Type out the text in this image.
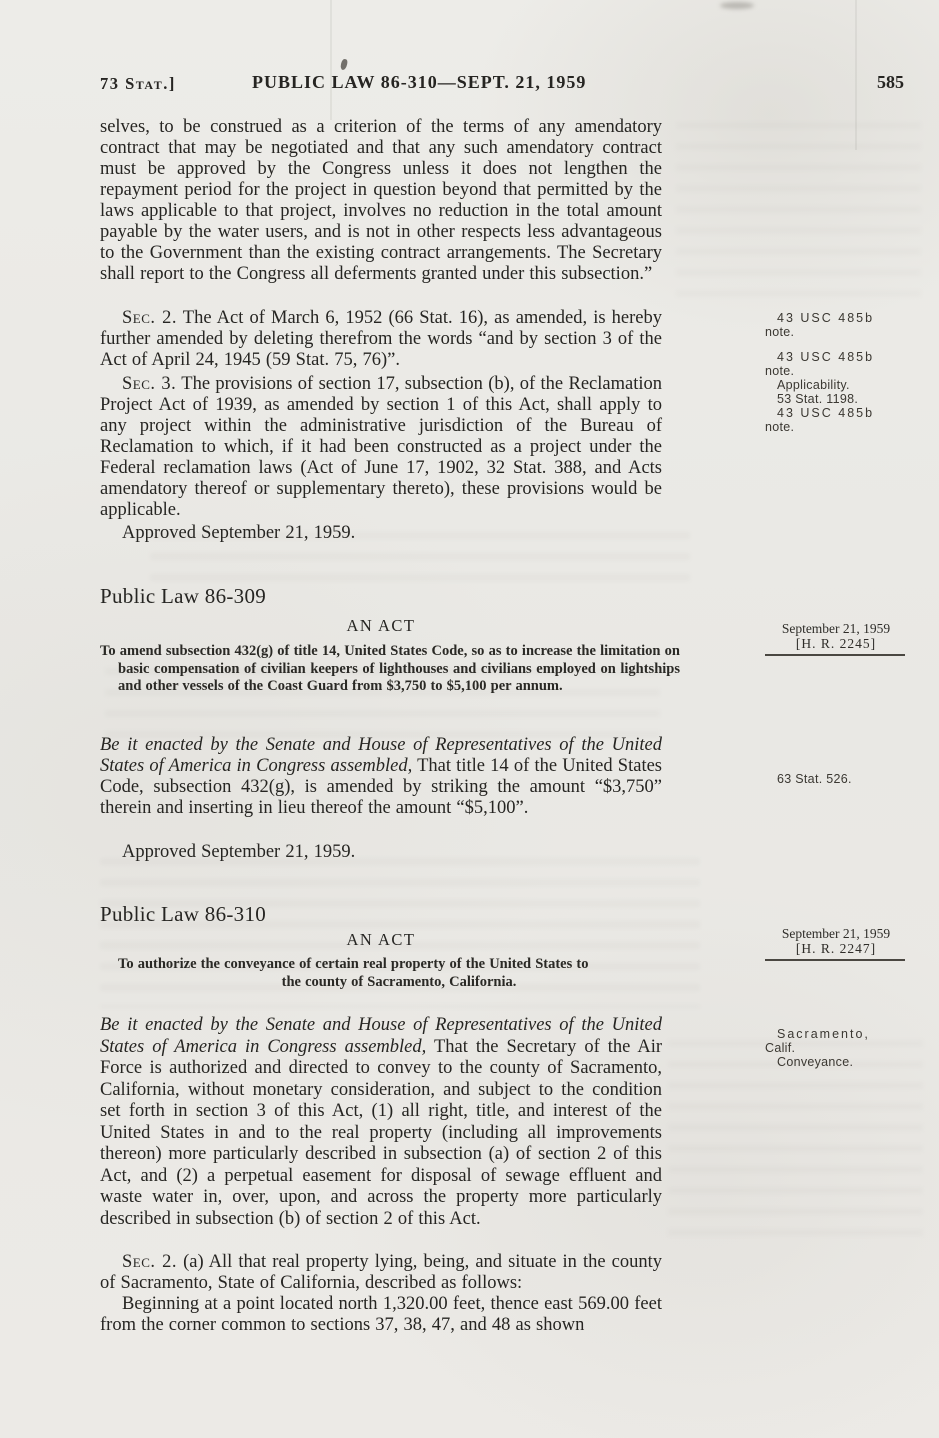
73 Stat.]	PUBLIC LAW 86-310—SEPT. 21, 1959	585

selves, to be construed as a criterion of the terms of any amendatory contract that may be negotiated and that any such amendatory contract must be approved by the Congress unless it does not lengthen the repayment period for the project in question beyond that permitted by the laws applicable to that project, involves no reduction in the total amount payable by the water users, and is not in other respects less advantageous to the Government than the existing contract arrangements. The Secretary shall report to the Congress all deferments granted under this subsection.”

Sec. 2. The Act of March 6, 1952 (66 Stat. 16), as amended, is hereby further amended by deleting therefrom the words “and by section 3 of the Act of April 24, 1945 (59 Stat. 75, 76)”.

Sec. 3. The provisions of section 17, subsection (b), of the Reclamation Project Act of 1939, as amended by section 1 of this Act, shall apply to any project within the administrative jurisdiction of the Bureau of Reclamation to which, if it had been constructed as a project under the Federal reclamation laws (Act of June 17, 1902, 32 Stat. 388, and Acts amendatory thereof or supplementary thereto), these provisions would be applicable.

Approved September 21, 1959.

Public Law 86-309
AN ACT

To amend subsection 432(g) of title 14, United States Code, so as to increase the limitation on basic compensation of civilian keepers of lighthouses and civilians employed on lightships and other vessels of the Coast Guard from $3,750 to $5,100 per annum.

Be it enacted by the Senate and House of Representatives of the United States of America in Congress assembled, That title 14 of the United States Code, subsection 432(g), is amended by striking the amount “$3,750” therein and inserting in lieu thereof the amount “$5,100”.

Approved September 21, 1959.

Public Law 86-310
AN ACT

To authorize the conveyance of certain real property of the United States to
the county of Sacramento, California.

Be it enacted by the Senate and House of Representatives of the United States of America in Congress assembled, That the Secretary of the Air Force is authorized and directed to convey to the county of Sacramento, California, without monetary consideration, and subject to the condition set forth in section 3 of this Act, (1) all right, title, and interest of the United States in and to the real property (including all improvements thereon) more particularly described in subsection (a) of section 2 of this Act, and (2) a perpetual easement for disposal of sewage effluent and waste water in, over, upon, and across the property more particularly described in subsection (b) of section 2 of this Act.

Sec. 2. (a) All that real property lying, being, and situate in the county of Sacramento, State of California, described as follows:

Beginning at a point located north 1,320.00 feet, thence east 569.00 feet from the corner common to sections 37, 38, 47, and 48 as shown

43 USC 485b
note.
43 USC 485b
note.
Applicability.
53 Stat. 1198.
43 USC 485b
note.
September 21, 1959
[H. R. 2245]
63 Stat. 526.
September 21, 1959
[H. R. 2247]
Sacramento,
Calif.
Conveyance.
